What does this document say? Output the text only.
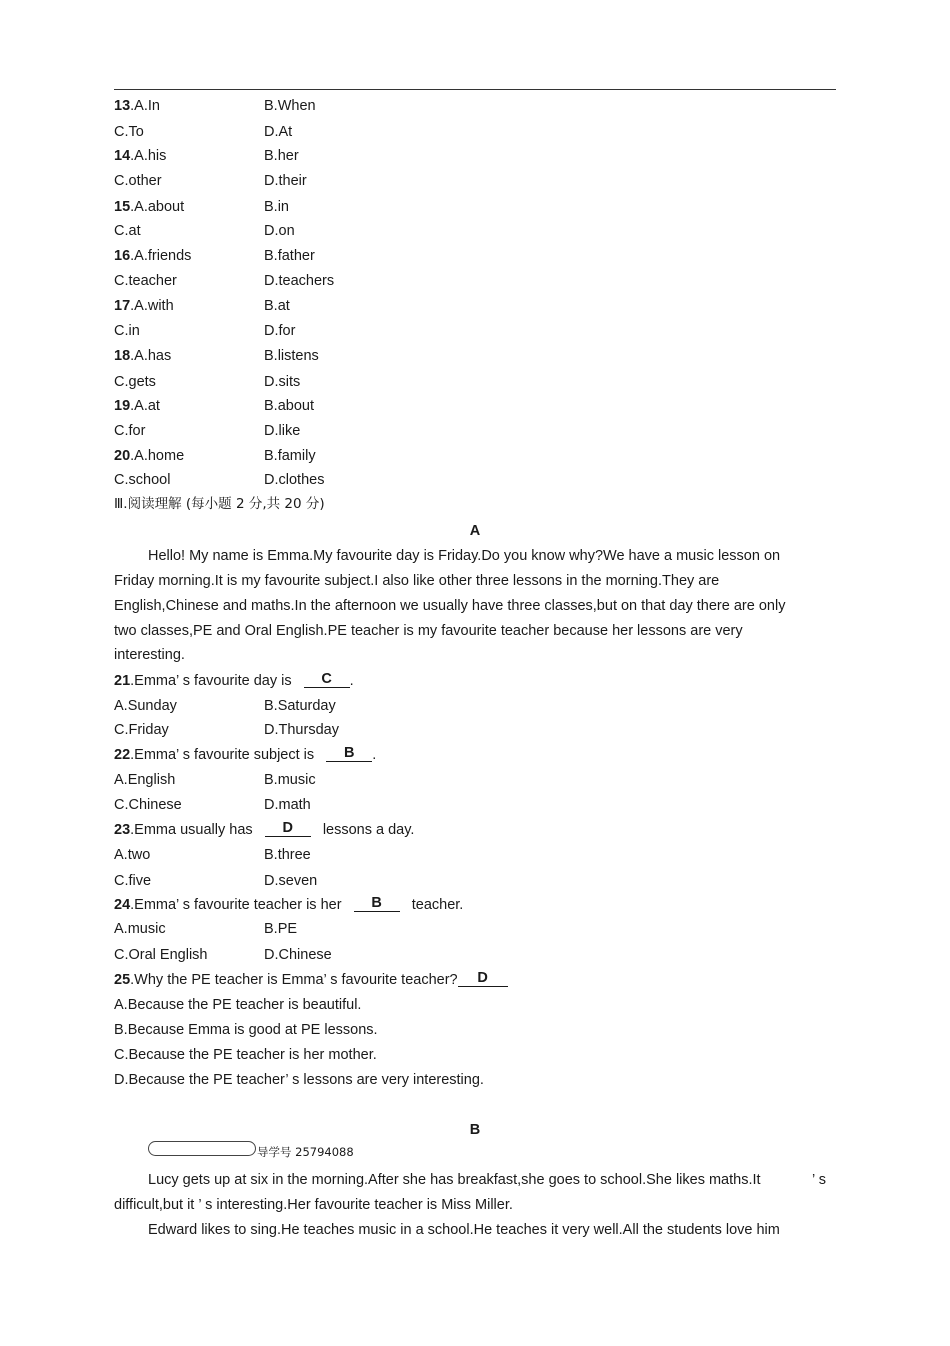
13.A.In	B.When
C.To	D.At
14.A.his	B.her
C.other	D.their
15.A.about	B.in
C.at	D.on
16.A.friends	B.father
C.teacher	D.teachers
17.A.with	B.at
C.in	D.for
18.A.has	B.listens
C.gets	D.sits
19.A.at	B.about
C.for	D.like
20.A.home	B.family
C.school	D.clothes
Ⅲ.阅读理解 (每小题 2 分,共 20 分)
A
Hello! My name is Emma.My favourite day is Friday.Do you know why?We have a music lesson on
Friday morning.It is my favourite subject.I also like other three lessons in the morning.They are
English,Chinese and maths.In the afternoon we usually have three classes,but on that day there are only
two classes,PE and Oral English.PE teacher is my favourite teacher because her lessons are very
interesting.
21.Emma’ s favourite day is C .
A.Sunday	B.Saturday
C.Friday	D.Thursday
22.Emma’ s favourite subject is B .
A.English	B.music
C.Chinese	D.math
23.Emma usually has D lessons a day.
A.two	B.three
C.five	D.seven
24.Emma’ s favourite teacher is her B teacher.
A.music	B.PE
C.Oral English	D.Chinese
25.Why the PE teacher is Emma’ s favourite teacher? D
A.Because the PE teacher is beautiful.
B.Because Emma is good at PE lessons.
C.Because the PE teacher is her mother.
D.Because the PE teacher’ s lessons are very interesting.
B
导学号 25794088
Lucy gets up at six in the morning.After she has breakfast,she goes to school.She likes maths.It	’ s
difficult,but it ’ s interesting.Her favourite teacher is Miss Miller.
Edward likes to sing.He teaches music in a school.He teaches it very well.All the students love him
